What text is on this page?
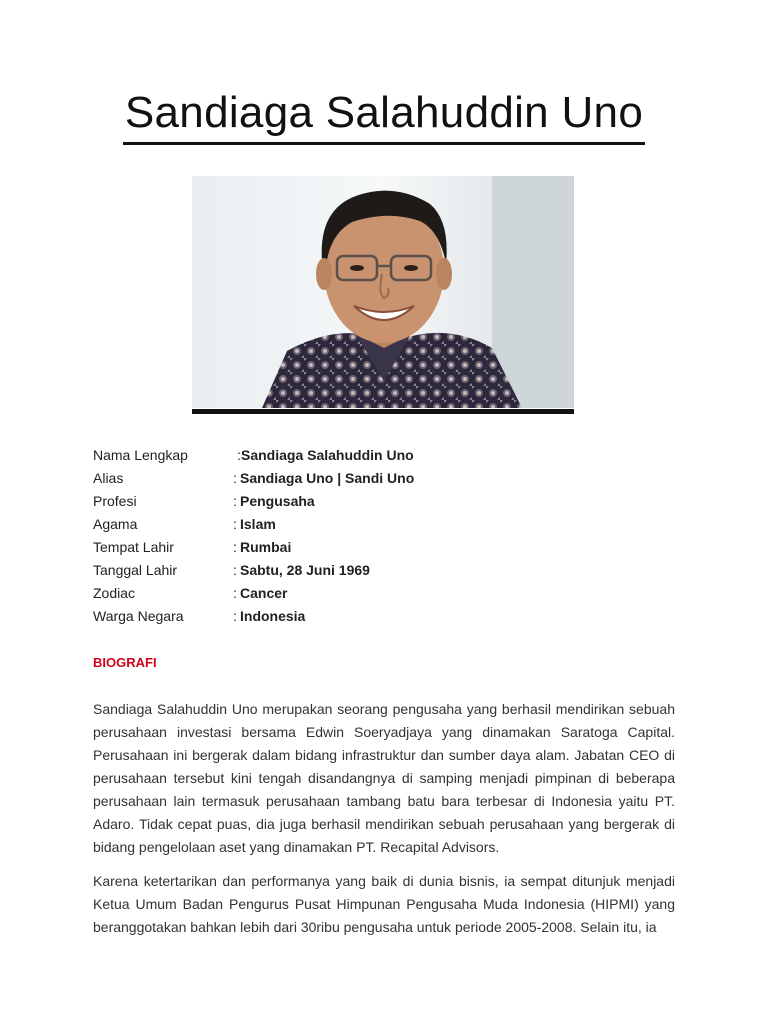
Sandiaga Salahuddin Uno
Nama Lengkap	: Sandiaga Salahuddin Uno
Alias	: Sandiaga Uno | Sandi Uno
Profesi	: Pengusaha
Agama	: Islam
Tempat Lahir	: Rumbai
Tanggal Lahir	: Sabtu, 28 Juni 1969
Zodiac	: Cancer
Warga Negara	: Indonesia
BIOGRAFI

Sandiaga Salahuddin Uno merupakan seorang pengusaha yang berhasil mendirikan sebuah perusahaan investasi bersama Edwin Soeryadjaya yang dinamakan Saratoga Capital. Perusahaan ini bergerak dalam bidang infrastruktur dan sumber daya alam. Jabatan CEO di perusahaan tersebut kini tengah disandangnya di samping menjadi pimpinan di beberapa perusahaan lain termasuk perusahaan tambang batu bara terbesar di Indonesia yaitu PT. Adaro. Tidak cepat puas, dia juga berhasil mendirikan sebuah perusahaan yang bergerak di bidang pengelolaan aset yang dinamakan PT. Recapital Advisors.

Karena ketertarikan dan performanya yang baik di dunia bisnis, ia sempat ditunjuk menjadi Ketua Umum Badan Pengurus Pusat Himpunan Pengusaha Muda Indonesia (HIPMI) yang beranggotakan bahkan lebih dari 30ribu pengusaha untuk periode 2005-2008. Selain itu, ia
